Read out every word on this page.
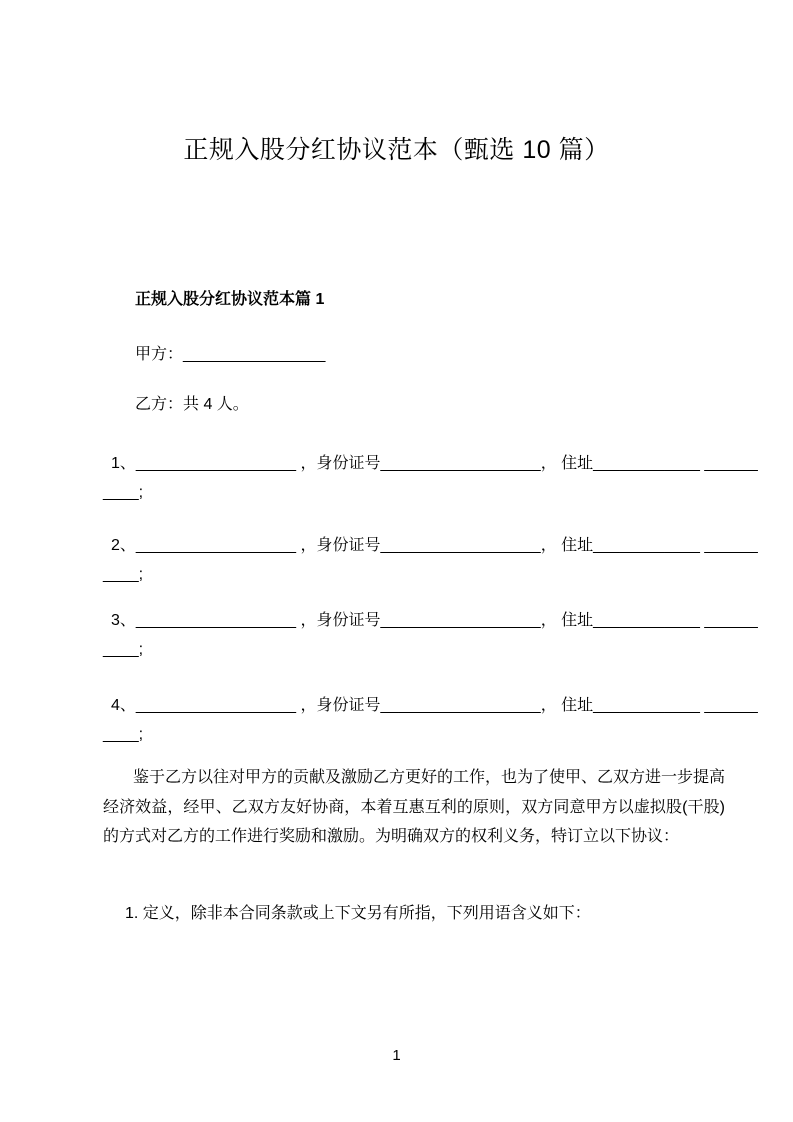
正规入股分红协议范本（甄选 10 篇）
正规入股分红协议范本篇 1
甲方：________________
乙方：共 4 人。
1、__________________ ，身份证号__________________， 住址____________ ______
____;
2、__________________ ，身份证号__________________， 住址____________ ______
____;
3、__________________ ，身份证号__________________， 住址____________ ______
____;
4、__________________ ，身份证号__________________， 住址____________ ______
____;
鉴于乙方以往对甲方的贡献及激励乙方更好的工作，也为了使甲、乙双方进一步提高经济效益，经甲、乙双方友好协商，本着互惠互利的原则，双方同意甲方以虚拟股(干股)的方式对乙方的工作进行奖励和激励。为明确双方的权利义务，特订立以下协议：
1. 定义，除非本合同条款或上下文另有所指，下列用语含义如下：
1
